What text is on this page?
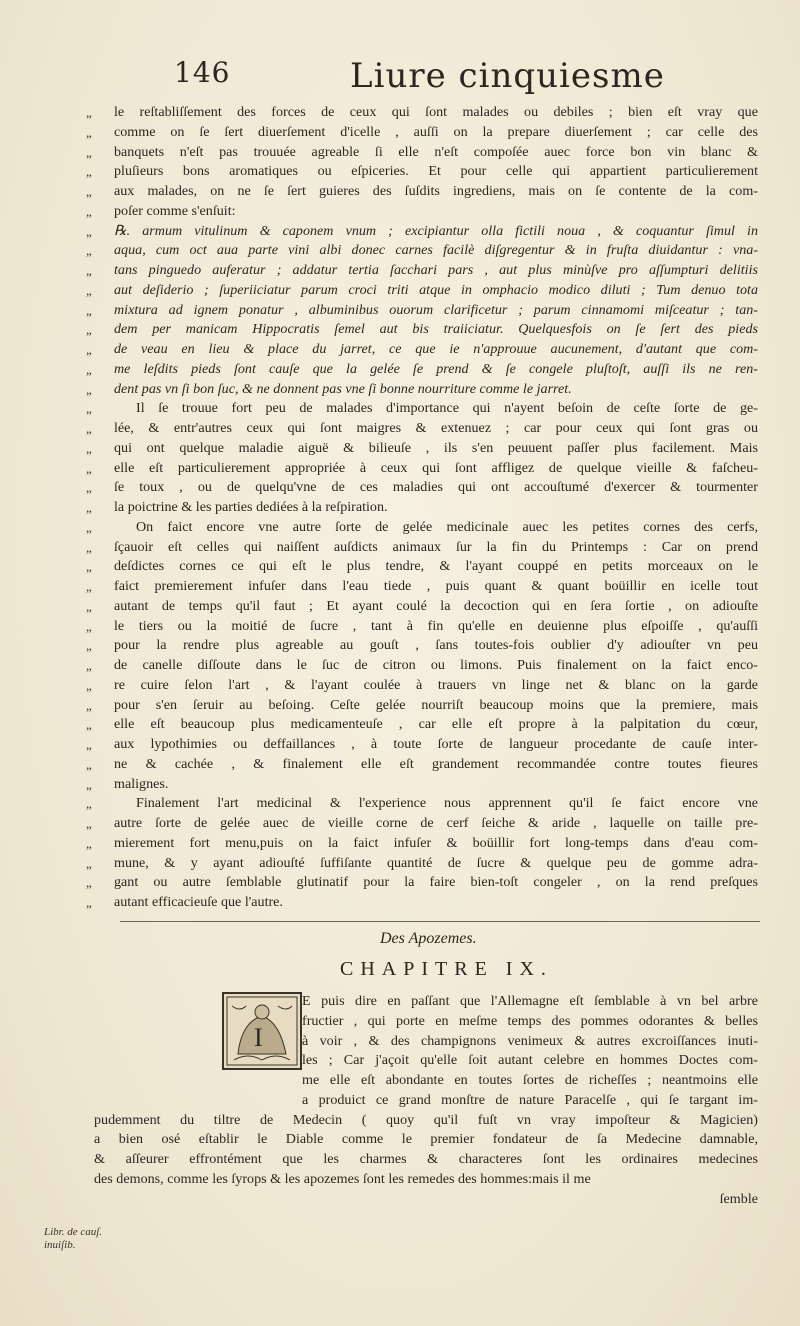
146	Liure cinquiesme
„	le reſtabliſſement des forces de ceux qui ſont malades ou debiles ; bien eſt vray que
„	comme on ſe ſert diuerſement d'icelle , auſſi on la prepare diuerſement ; car celle des
„	banquets n'eſt pas trouuée agreable ſi elle n'eſt compoſée auec force bon vin blanc &
„	pluſieurs bons aromatiques ou eſpiceries. Et pour celle qui appartient particulierement
„	aux malades, on ne ſe ſert guieres des ſuſdits ingrediens, mais on ſe contente de la com-
„	poſer comme s'enſuit:
„	℞. armum vitulinum & caponem vnum ; excipiantur olla fictili noua , & coquantur ſimul in
„	aqua, cum oct aua parte vini albi donec carnes facilè diſgregentur & in fruſta diuidantur : vna-
„	tans pinguedo auferatur ; addatur tertia ſacchari pars , aut plus minùſve pro aſſumpturi delitiis
„	aut deſiderio ; ſuperiiciatur parum croci triti atque in omphacio modico diluti ; Tum denuo tota
„	mixtura ad ignem ponatur , albuminibus ouorum clarificetur ; parum cinnamomi miſceatur ; tan-
„	dem per manicam Hippocratis ſemel aut bis traiiciatur. Quelquesfois on ſe ſert des pieds
„	de veau en lieu & place du jarret, ce que ie n'approuue aucunement, d'autant que com-
„	me leſdits pieds ſont cauſe que la gelée ſe prend & ſe congele pluſtoſt, auſſi ils ne ren-
„	dent pas vn ſi bon ſuc, & ne donnent pas vne ſi bonne nourriture comme le jarret.
„	Il ſe trouue fort peu de malades d'importance qui n'ayent beſoin de ceſte ſorte de ge-
„	lée, & entr'autres ceux qui ſont maigres & extenuez ; car pour ceux qui ſont gras ou
„	qui ont quelque maladie aiguë & bilieuſe , ils s'en peuuent paſſer plus facilement. Mais
„	elle eſt particulierement appropriée à ceux qui ſont affligez de quelque vieille & faſcheu-
„	ſe toux , ou de quelqu'vne de ces maladies qui ont accouſtumé d'exercer & tourmenter
„	la poictrine & les parties dediées à la reſpiration.
„	On faict encore vne autre ſorte de gelée medicinale auec les petites cornes des cerfs,
„	ſçauoir eſt celles qui naiſſent auſdicts animaux ſur la fin du Printemps : Car on prend
„	deſdictes cornes ce qui eſt le plus tendre, & l'ayant couppé en petits morceaux on le
„	faict premierement infuſer dans l'eau tiede , puis quant & quant boüillir en icelle tout
„	autant de temps qu'il faut ; Et ayant coulé la decoction qui en ſera ſortie , on adiouſte
„	le tiers ou la moitié de ſucre , tant à fin qu'elle en deuienne plus eſpoiſſe , qu'auſſi
„	pour la rendre plus agreable au gouſt , ſans toutes-fois oublier d'y adiouſter vn peu
„	de canelle diſſoute dans le ſuc de citron ou limons. Puis finalement on la faict enco-
„	re cuire ſelon l'art , & l'ayant coulée à trauers vn linge net & blanc on la garde
„	pour s'en ſeruir au beſoing. Ceſte gelée nourriſt beaucoup moins que la premiere, mais
„	elle eſt beaucoup plus medicamenteuſe , car elle eſt propre à la palpitation du cœur,
„	aux lypothimies ou deffaillances , à toute ſorte de langueur procedante de cauſe inter-
„	ne & cachée , & finalement elle eſt grandement recommandée contre toutes fieures
„	malignes.
„	Finalement l'art medicinal & l'experience nous apprennent qu'il ſe faict encore vne
„	autre ſorte de gelée auec de vieille corne de cerf ſeiche & aride , laquelle on taille pre-
„	mierement fort menu,puis on la faict infuſer & boüillir fort long-temps dans d'eau com-
„	mune, & y ayant adiouſté ſuffiſante quantité de ſucre & quelque peu de gomme adra-
„	gant ou autre ſemblable glutinatif pour la faire bien-toſt congeler , on la rend preſques
„	autant efficacieuſe que l'autre.
Des Apozemes.
CHAPITRE IX.
E puis dire en paſſant que l'Allemagne eſt ſemblable à vn bel arbre
fructier , qui porte en meſme temps des pommes odorantes & belles
à voir , & des champignons venimeux & autres excroiſſances inuti-
les ; Car j'açoit qu'elle ſoit autant celebre en hommes Doctes com-
me elle eſt abondante en toutes ſortes de richeſſes ; neantmoins elle
a produict ce grand monſtre de nature Paracelſe , qui ſe targant im-
pudemment du tiltre de Medecin ( quoy qu'il fuſt vn vray impoſteur & Magicien)
a bien osé eſtablir le Diable comme le premier fondateur de ſa Medecine damnable,
& aſſeurer effrontément que les charmes & characteres ſont les ordinaires medecines
des demons, comme les ſyrops & les apozemes ſont les remedes des hommes:mais il me
ſemble
I
Libr. de cauſ. inuiſib.
